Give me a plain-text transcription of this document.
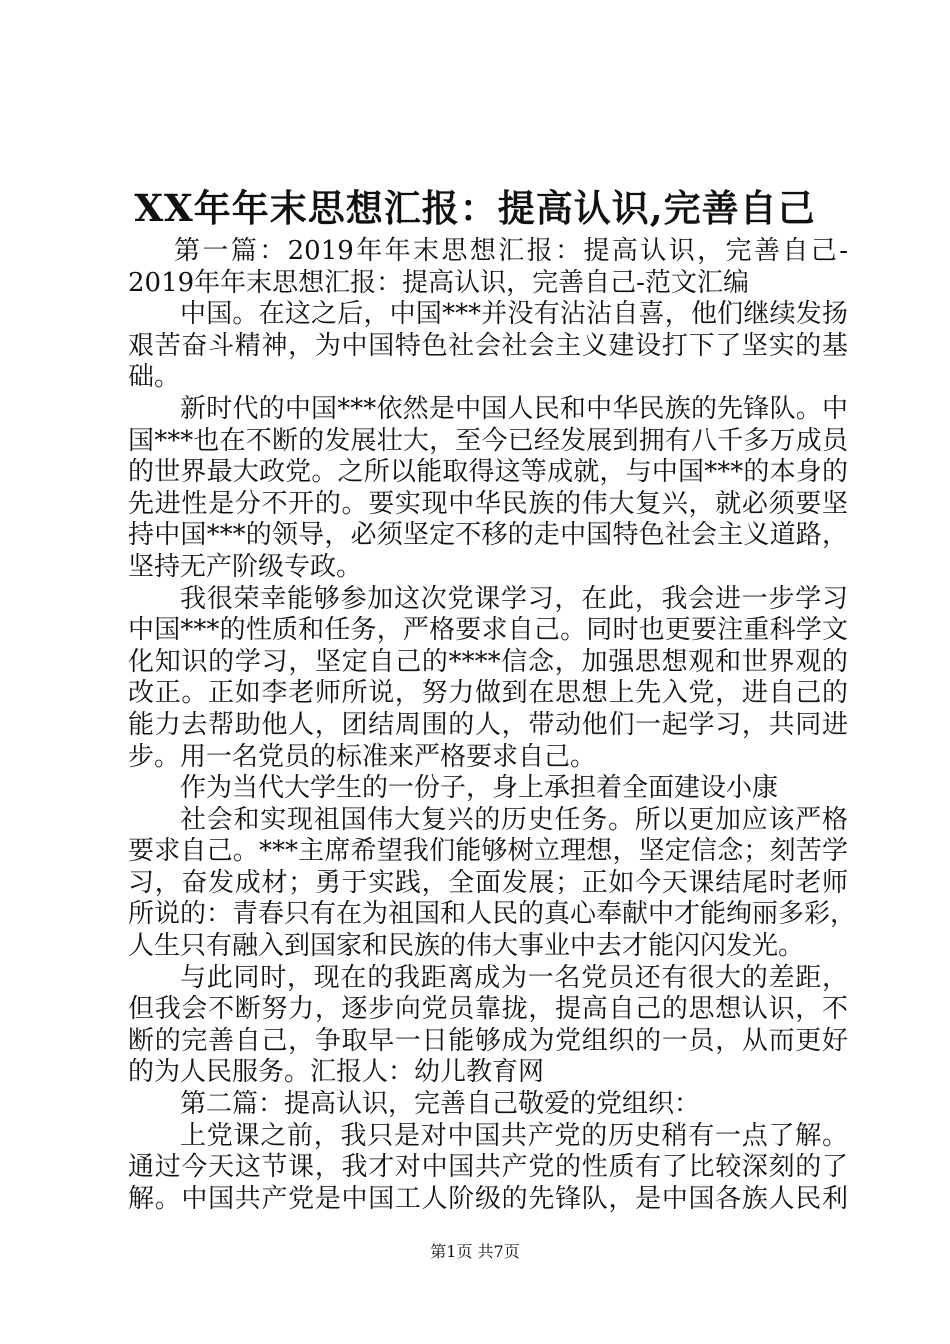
XX年年末思想汇报：提高认识,完善自己
第一篇：2019年年末思想汇报：提高认识，完善自己-
2019年年末思想汇报：提高认识，完善自己-范文汇编
中国。在这之后，中国***并没有沾沾自喜，他们继续发扬
艰苦奋斗精神，为中国特色社会社会主义建设打下了坚实的基
础。
新时代的中国***依然是中国人民和中华民族的先锋队。中
国***也在不断的发展壮大，至今已经发展到拥有八千多万成员
的世界最大政党。之所以能取得这等成就，与中国***的本身的
先进性是分不开的。要实现中华民族的伟大复兴，就必须要坚
持中国***的领导，必须坚定不移的走中国特色社会主义道路，
坚持无产阶级专政。
我很荣幸能够参加这次党课学习，在此，我会进一步学习
中国***的性质和任务，严格要求自己。同时也更要注重科学文
化知识的学习，坚定自己的****信念，加强思想观和世界观的
改正。正如李老师所说，努力做到在思想上先入党，进自己的
能力去帮助他人，团结周围的人，带动他们一起学习，共同进
步。用一名党员的标准来严格要求自己。
作为当代大学生的一份子，身上承担着全面建设小康
社会和实现祖国伟大复兴的历史任务。所以更加应该严格
要求自己。***主席希望我们能够树立理想，坚定信念；刻苦学
习，奋发成材；勇于实践，全面发展；正如今天课结尾时老师
所说的：青春只有在为祖国和人民的真心奉献中才能绚丽多彩，
人生只有融入到国家和民族的伟大事业中去才能闪闪发光。
与此同时，现在的我距离成为一名党员还有很大的差距，
但我会不断努力，逐步向党员靠拢，提高自己的思想认识，不
断的完善自己，争取早一日能够成为党组织的一员，从而更好
的为人民服务。汇报人：幼儿教育网
第二篇：提高认识，完善自己敬爱的党组织：
上党课之前，我只是对中国共产党的历史稍有一点了解。
通过今天这节课，我才对中国共产党的性质有了比较深刻的了
解。中国共产党是中国工人阶级的先锋队，是中国各族人民利
第1页 共7页
